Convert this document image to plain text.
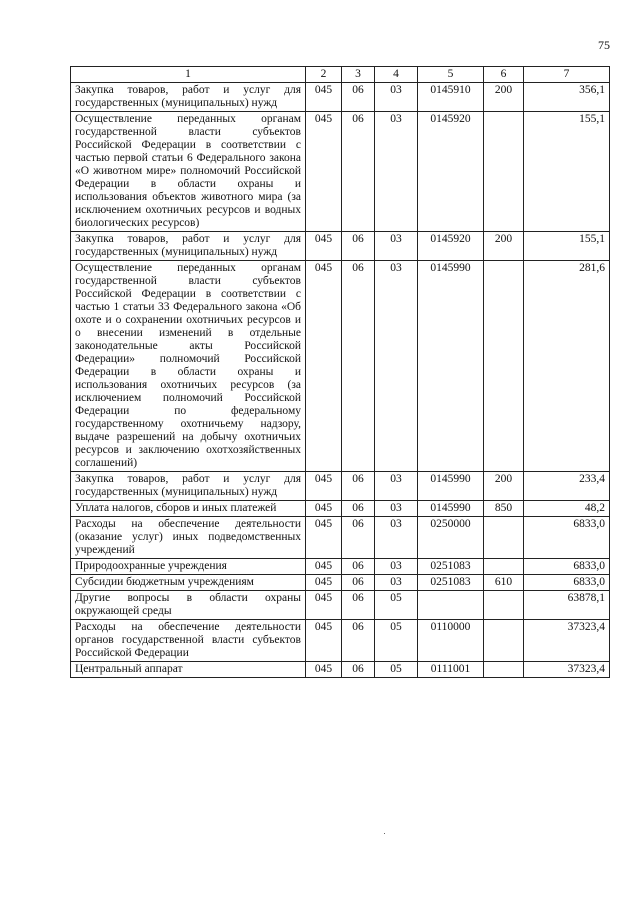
75
1	2	3	4	5	6	7
Закупка товаров, работ и услуг для государственных (муниципальных) нужд	045	06	03	0145910	200	356,1
Осуществление переданных органам государственной власти субъектов Российской Федерации в соответствии с частью первой статьи 6 Федерального закона «О животном мире» полномочий Российской Федерации в области охраны и использования объектов животного мира (за исключением охотничьих ресурсов и водных биологических ресурсов)	045	06	03	0145920		155,1
Закупка товаров, работ и услуг для государственных (муниципальных) нужд	045	06	03	0145920	200	155,1
Осуществление переданных органам государственной власти субъектов Российской Федерации в соответствии с частью 1 статьи 33 Федерального закона «Об охоте и о сохранении охотничьих ресурсов и о внесении изменений в отдельные законодательные акты Российской Федерации» полномочий Российской Федерации в области охраны и использования охотничьих ресурсов (за исключением полномочий Российской Федерации по федеральному государственному охотничьему надзору, выдаче разрешений на добычу охотничьих ресурсов и заключению охотхозяйственных соглашений)	045	06	03	0145990		281,6
Закупка товаров, работ и услуг для государственных (муниципальных) нужд	045	06	03	0145990	200	233,4
Уплата налогов, сборов и иных платежей	045	06	03	0145990	850	48,2
Расходы на обеспечение деятельности (оказание услуг) иных подведомственных учреждений	045	06	03	0250000		6833,0
Природоохранные учреждения	045	06	03	0251083		6833,0
Субсидии бюджетным учреждениям	045	06	03	0251083	610	6833,0
Другие вопросы в области охраны окружающей среды	045	06	05			63878,1
Расходы на обеспечение деятельности органов государственной власти субъектов Российской Федерации	045	06	05	0110000		37323,4
Центральный аппарат	045	06	05	0111001		37323,4
